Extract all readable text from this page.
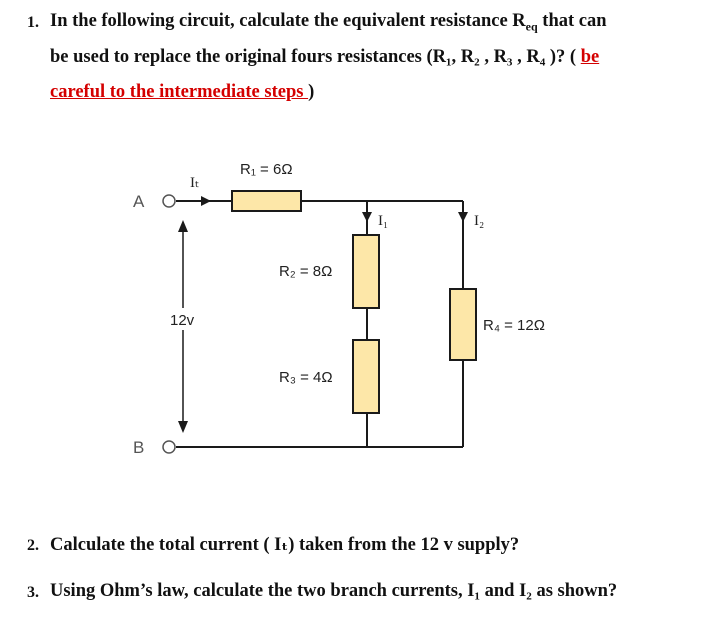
1. In the following circuit, calculate the equivalent resistance $R_{eq}$ that can
be used to replace the original fours resistances (R₁, R₂ , R₃ , R₄ )? ( be
careful to the intermediate steps )
A
B
Iₜ
R₁ = 6Ω
R₂ = 8Ω
R₃ = 4Ω
R₄ = 12Ω
I₁	I₂
12v
2. Calculate the total current ( Iₜ) taken from the 12 v supply?
3. Using Ohm’s law, calculate the two branch currents, I₁ and I₂ as shown?
